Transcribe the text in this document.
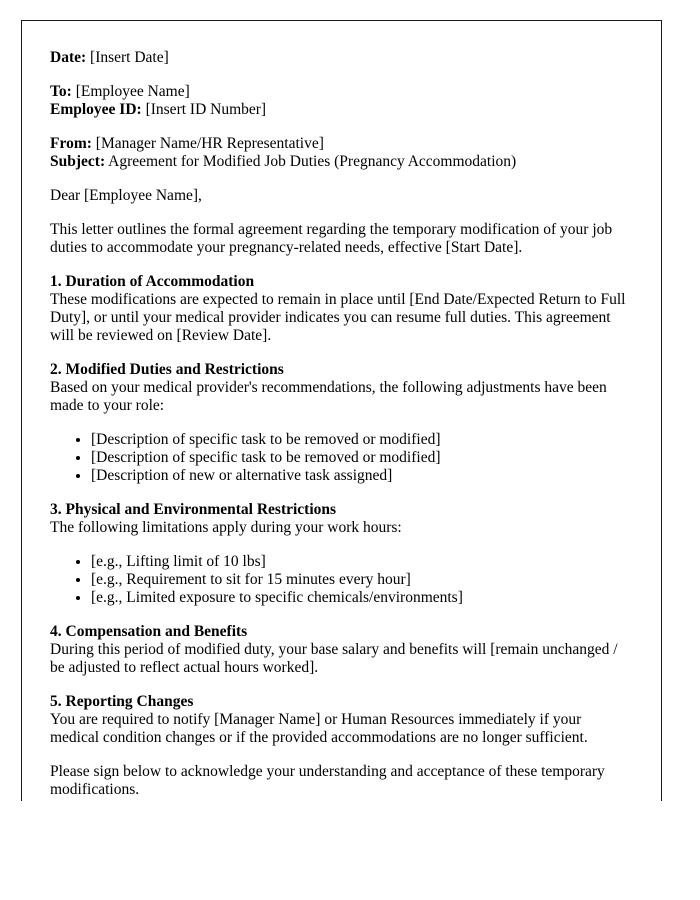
Date: [Insert Date]

To: [Employee Name]
Employee ID: [Insert ID Number]

From: [Manager Name/HR Representative]
Subject: Agreement for Modified Job Duties (Pregnancy Accommodation)

Dear [Employee Name],

This letter outlines the formal agreement regarding the temporary modification of your job duties to accommodate your pregnancy-related needs, effective [Start Date].

1. Duration of Accommodation

These modifications are expected to remain in place until [End Date/Expected Return to Full Duty], or until your medical provider indicates you can resume full duties. This agreement will be reviewed on [Review Date].

2. Modified Duties and Restrictions

Based on your medical provider's recommendations, the following adjustments have been made to your role:

• [Description of specific task to be removed or modified]
• [Description of specific task to be removed or modified]
• [Description of new or alternative task assigned]

3. Physical and Environmental Restrictions

The following limitations apply during your work hours:

• [e.g., Lifting limit of 10 lbs]
• [e.g., Requirement to sit for 15 minutes every hour]
• [e.g., Limited exposure to specific chemicals/environments]

4. Compensation and Benefits

During this period of modified duty, your base salary and benefits will [remain unchanged / be adjusted to reflect actual hours worked].

5. Reporting Changes

You are required to notify [Manager Name] or Human Resources immediately if your medical condition changes or if the provided accommodations are no longer sufficient.

Please sign below to acknowledge your understanding and acceptance of these temporary modifications.
